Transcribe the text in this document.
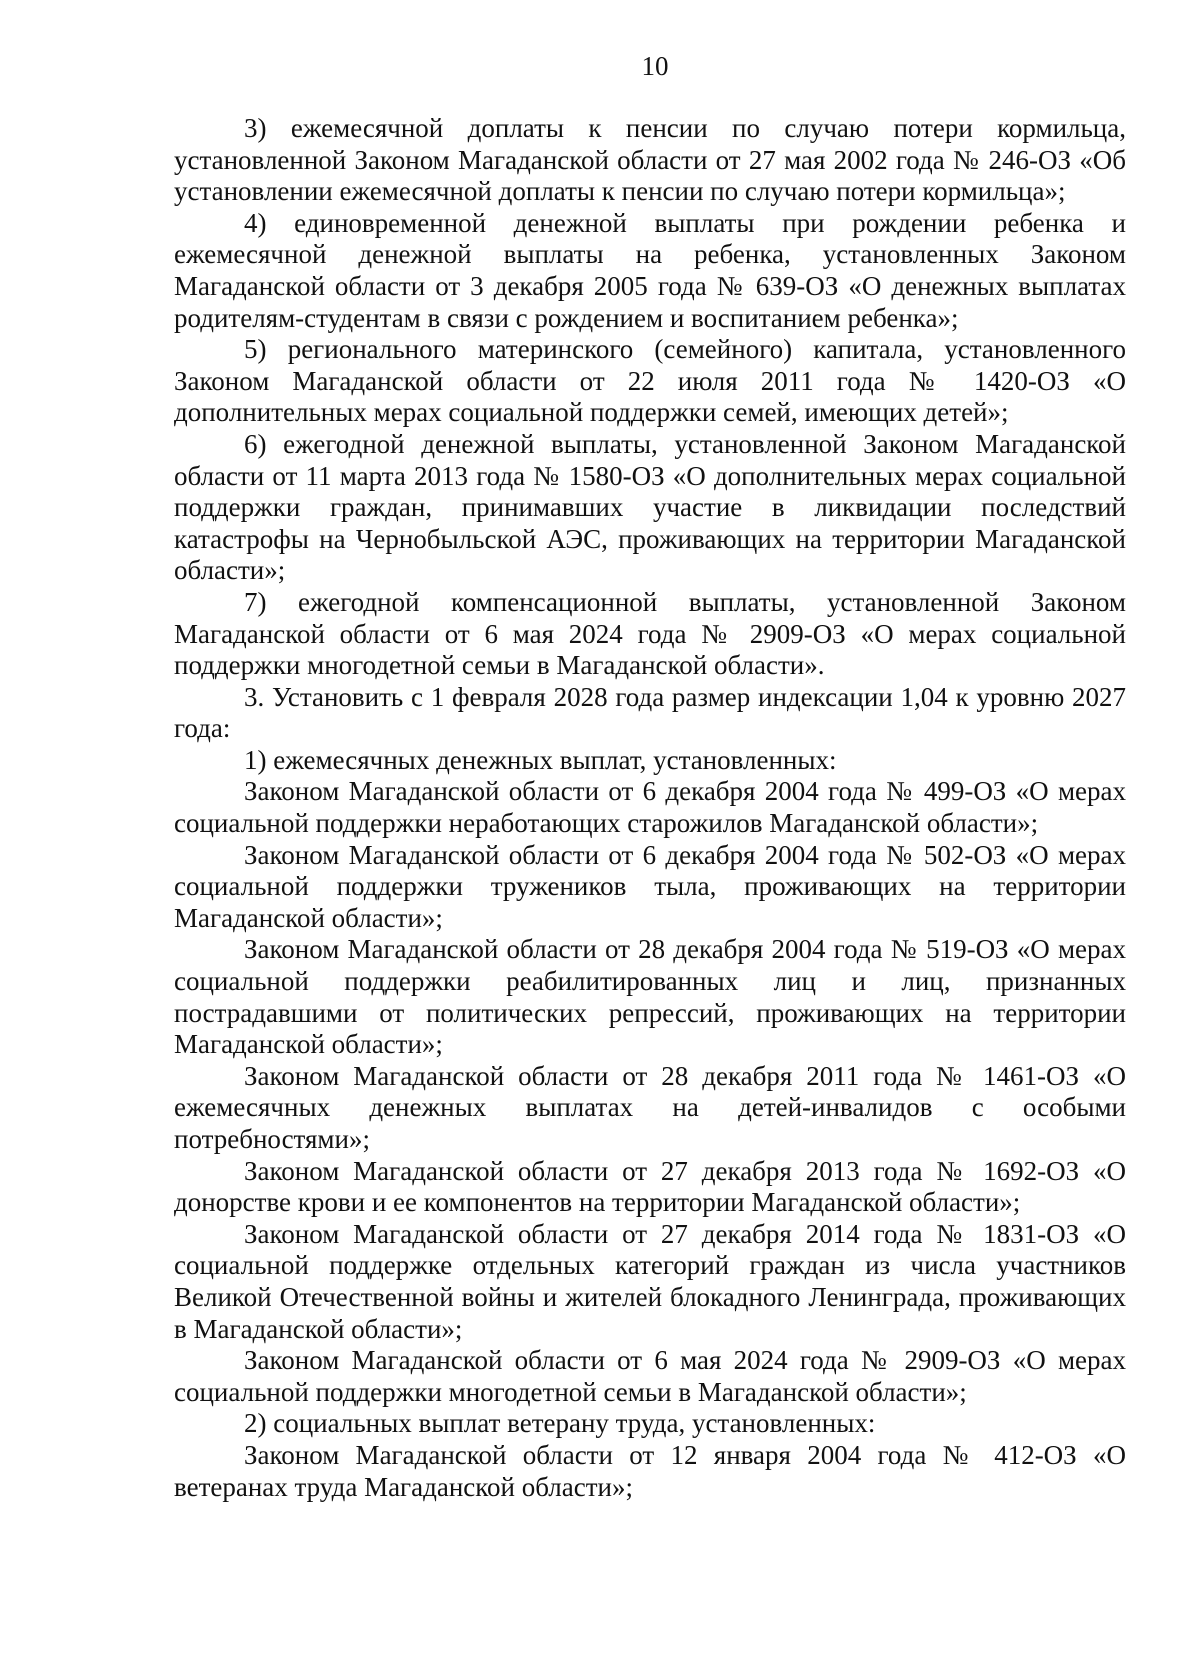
10

3) ежемесячной доплаты к пенсии по случаю потери кормильца, установленной Законом Магаданской области от 27 мая 2002 года № 246-ОЗ «Об установлении ежемесячной доплаты к пенсии по случаю потери кормильца»;

4) единовременной денежной выплаты при рождении ребенка и ежемесячной денежной выплаты на ребенка, установленных Законом Магаданской области от 3 декабря 2005 года № 639-ОЗ «О денежных выплатах родителям-студентам в связи с рождением и воспитанием ребенка»;

5) регионального материнского (семейного) капитала, установленного Законом Магаданской области от 22 июля 2011 года № 1420-ОЗ «О дополнительных мерах социальной поддержки семей, имеющих детей»;

6) ежегодной денежной выплаты, установленной Законом Магаданской области от 11 марта 2013 года № 1580-ОЗ «О дополнительных мерах социальной поддержки граждан, принимавших участие в ликвидации последствий катастрофы на Чернобыльской АЭС, проживающих на территории Магаданской области»;

7) ежегодной компенсационной выплаты, установленной Законом Магаданской области от 6 мая 2024 года № 2909-ОЗ «О мерах социальной поддержки многодетной семьи в Магаданской области».

3. Установить с 1 февраля 2028 года размер индексации 1,04 к уровню 2027 года:

1) ежемесячных денежных выплат, установленных:

Законом Магаданской области от 6 декабря 2004 года № 499-ОЗ «О мерах социальной поддержки неработающих старожилов Магаданской области»;

Законом Магаданской области от 6 декабря 2004 года № 502-ОЗ «О мерах социальной поддержки тружеников тыла, проживающих на территории Магаданской области»;

Законом Магаданской области от 28 декабря 2004 года № 519-ОЗ «О мерах социальной поддержки реабилитированных лиц и лиц, признанных пострадавшими от политических репрессий, проживающих на территории Магаданской области»;

Законом Магаданской области от 28 декабря 2011 года № 1461-ОЗ «О ежемесячных денежных выплатах на детей-инвалидов с особыми потребностями»;

Законом Магаданской области от 27 декабря 2013 года № 1692-ОЗ «О донорстве крови и ее компонентов на территории Магаданской области»;

Законом Магаданской области от 27 декабря 2014 года № 1831-ОЗ «О социальной поддержке отдельных категорий граждан из числа участников Великой Отечественной войны и жителей блокадного Ленинграда, проживающих в Магаданской области»;

Законом Магаданской области от 6 мая 2024 года № 2909-ОЗ «О мерах социальной поддержки многодетной семьи в Магаданской области»;

2) социальных выплат ветерану труда, установленных:

Законом Магаданской области от 12 января 2004 года № 412-ОЗ «О ветеранах труда Магаданской области»;
